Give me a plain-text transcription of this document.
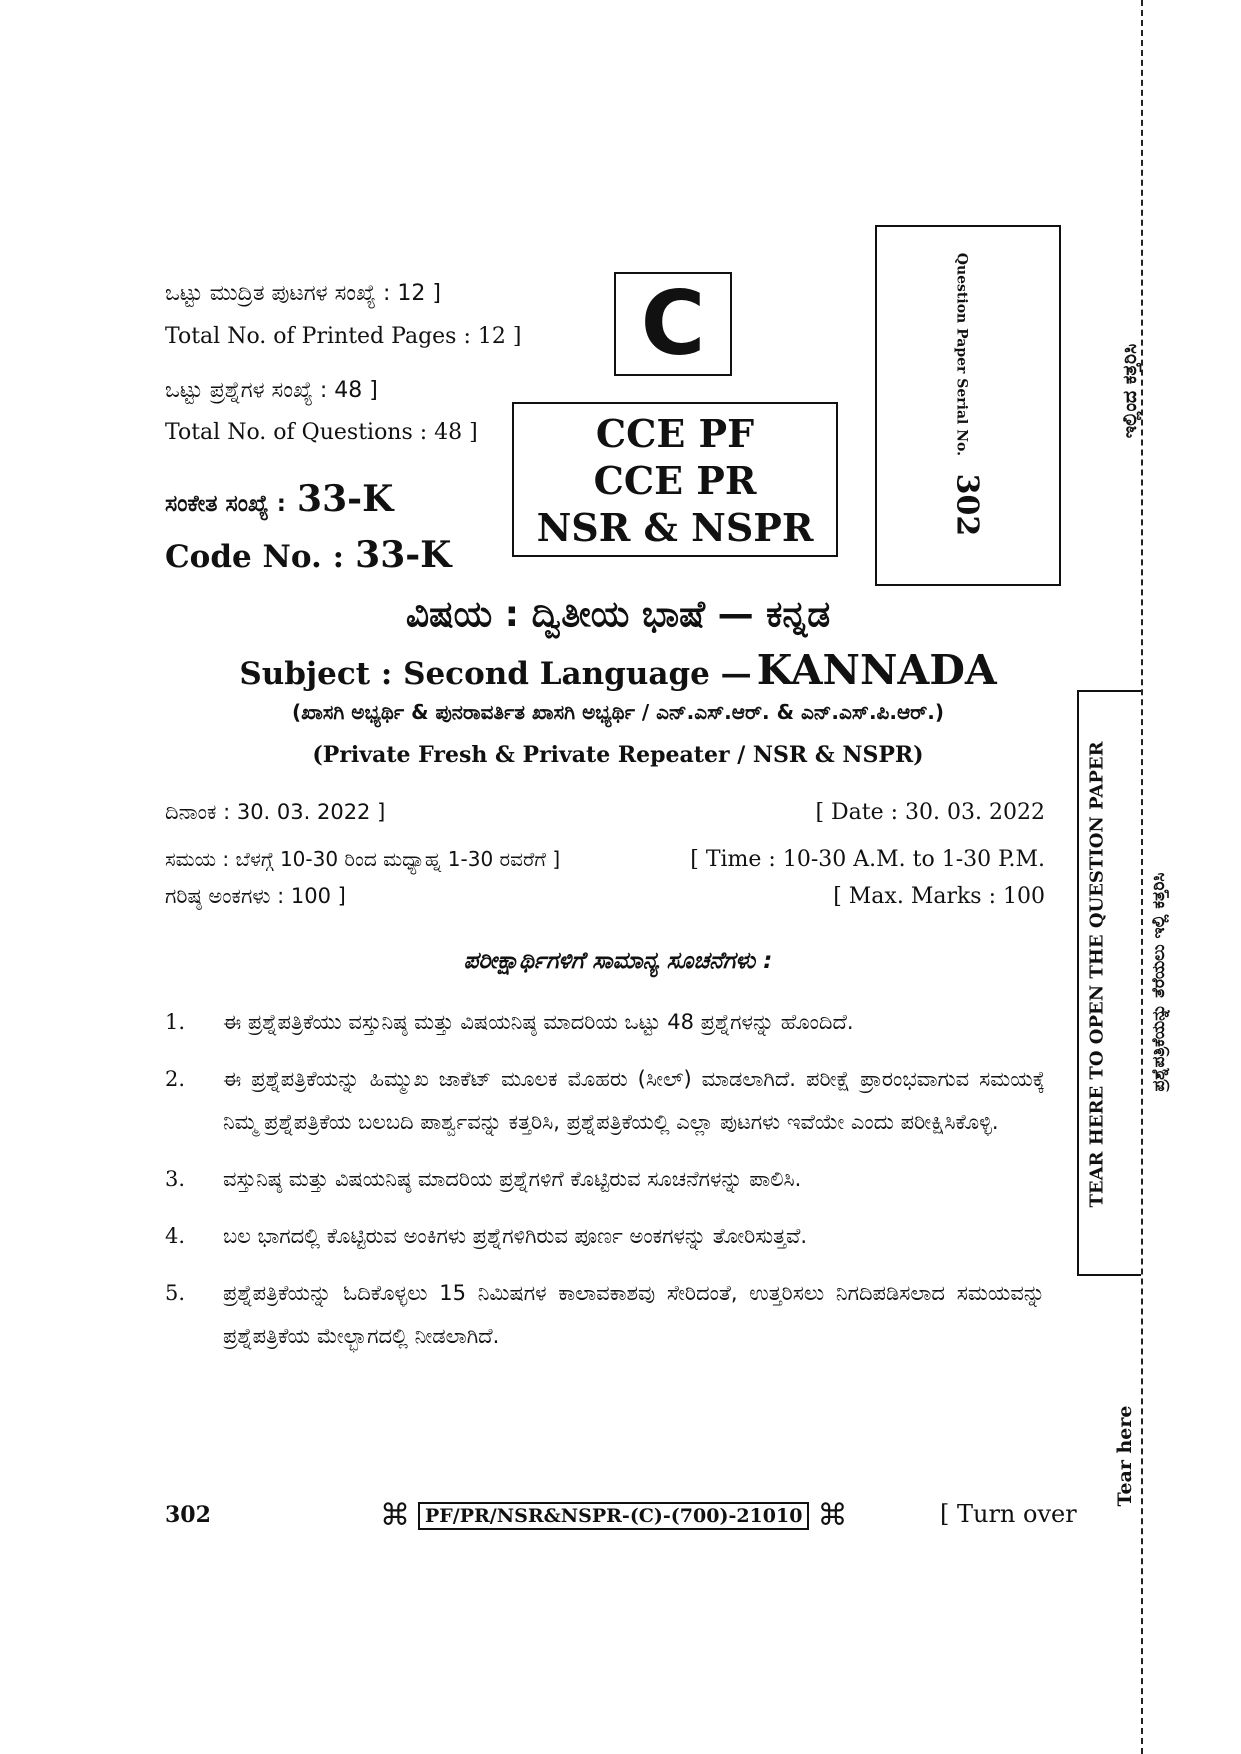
ಒಟ್ಟು ಮುದ್ರಿತ ಪುಟಗಳ ಸಂಖ್ಯೆ : 12 ]
Total No. of Printed Pages : 12 ]
ಒಟ್ಟು ಪ್ರಶ್ನೆಗಳ ಸಂಖ್ಯೆ : 48 ]
Total No. of Questions : 48 ]
ಸಂಕೇತ ಸಂಖ್ಯೆ : 33-K
Code No. : 33-K
C
CCE PF
CCE PR
NSR & NSPR
Question Paper Serial No. 302
ವಿಷಯ : ದ್ವಿತೀಯ ಭಾಷೆ — ಕನ್ನಡ
Subject : Second Language — KANNADA
(ಖಾಸಗಿ ಅಭ್ಯರ್ಥಿ & ಪುನರಾವರ್ತಿತ ಖಾಸಗಿ ಅಭ್ಯರ್ಥಿ / ಎನ್.ಎಸ್.ಆರ್. & ಎನ್.ಎಸ್.ಪಿ.ಆರ್.)
(Private Fresh & Private Repeater / NSR & NSPR)
ದಿನಾಂಕ : 30. 03. 2022 ]	[ Date : 30. 03. 2022
ಸಮಯ : ಬೆಳಗ್ಗೆ 10-30 ರಿಂದ ಮಧ್ಯಾಹ್ನ 1-30 ರವರೆಗೆ ]	[ Time : 10-30 A.M. to 1-30 P.M.
ಗರಿಷ್ಠ ಅಂಕಗಳು : 100 ]	[ Max. Marks : 100
ಪರೀಕ್ಷಾರ್ಥಿಗಳಿಗೆ ಸಾಮಾನ್ಯ ಸೂಚನೆಗಳು :
1.	ಈ ಪ್ರಶ್ನೆಪತ್ರಿಕೆಯು ವಸ್ತುನಿಷ್ಠ ಮತ್ತು ವಿಷಯನಿಷ್ಠ ಮಾದರಿಯ ಒಟ್ಟು 48 ಪ್ರಶ್ನೆಗಳನ್ನು ಹೊಂದಿದೆ.
2.	ಈ ಪ್ರಶ್ನೆಪತ್ರಿಕೆಯನ್ನು ಹಿಮ್ಮುಖ ಜಾಕೆಟ್ ಮೂಲಕ ಮೊಹರು (ಸೀಲ್) ಮಾಡಲಾಗಿದೆ. ಪರೀಕ್ಷೆ ಪ್ರಾರಂಭವಾಗುವ ಸಮಯಕ್ಕೆ ನಿಮ್ಮ ಪ್ರಶ್ನೆಪತ್ರಿಕೆಯ ಬಲಬದಿ ಪಾರ್ಶ್ವವನ್ನು ಕತ್ತರಿಸಿ, ಪ್ರಶ್ನೆಪತ್ರಿಕೆಯಲ್ಲಿ ಎಲ್ಲಾ ಪುಟಗಳು ಇವೆಯೇ ಎಂದು ಪರೀಕ್ಷಿಸಿಕೊಳ್ಳಿ.
3.	ವಸ್ತುನಿಷ್ಠ ಮತ್ತು ವಿಷಯನಿಷ್ಠ ಮಾದರಿಯ ಪ್ರಶ್ನೆಗಳಿಗೆ ಕೊಟ್ಟಿರುವ ಸೂಚನೆಗಳನ್ನು ಪಾಲಿಸಿ.
4.	ಬಲ ಭಾಗದಲ್ಲಿ ಕೊಟ್ಟಿರುವ ಅಂಕಿಗಳು ಪ್ರಶ್ನೆಗಳಿಗಿರುವ ಪೂರ್ಣ ಅಂಕಗಳನ್ನು ತೋರಿಸುತ್ತವೆ.
5.	ಪ್ರಶ್ನೆಪತ್ರಿಕೆಯನ್ನು ಓದಿಕೊಳ್ಳಲು 15 ನಿಮಿಷಗಳ ಕಾಲಾವಕಾಶವು ಸೇರಿದಂತೆ, ಉತ್ತರಿಸಲು ನಿಗದಿಪಡಿಸಲಾದ ಸಮಯವನ್ನು ಪ್ರಶ್ನೆಪತ್ರಿಕೆಯ ಮೇಲ್ಭಾಗದಲ್ಲಿ ನೀಡಲಾಗಿದೆ.
302	⌘ PF/PR/NSR&NSPR-(C)-(700)-21010 ⌘	[ Turn over
ಇಲ್ಲಿಂದ ಕತ್ತರಿಸಿ
TEAR HERE TO OPEN THE QUESTION PAPER ಪ್ರಶ್ನೆಪತ್ರಿಕೆಯನ್ನು ತೆರೆಯಲು ಇಲ್ಲಿ ಕತ್ತರಿಸಿ
Tear here
